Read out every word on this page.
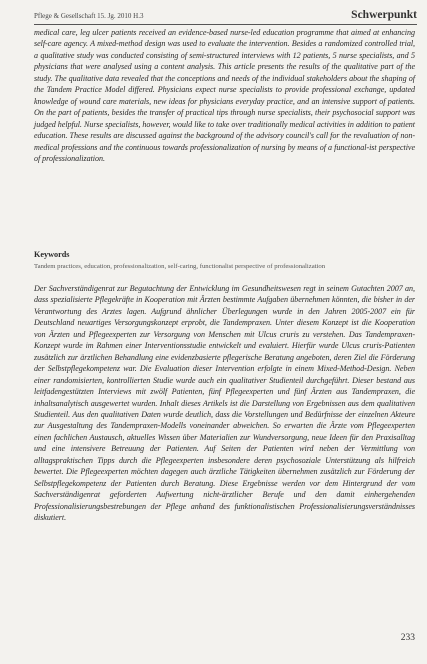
Pflege & Gesellschaft 15. Jg. 2010 H.3	Schwerpunkt
medical care, leg ulcer patients received an evidence-based nurse-led education programme that aimed at enhancing self-care agency. A mixed-method design was used to evaluate the intervention. Besides a randomized controlled trial, a qualitative study was conducted consisting of semi-structured interviews with 12 patients, 5 nurse specialists, and 5 physicians that were analysed using a content analysis. This article presents the results of the qualitative part of the study. The qualitative data revealed that the conceptions and needs of the individual stakeholders about the shaping of the Tandem Practice Model differed. Physicians expect nurse specialists to provide professional exchange, updated knowledge of wound care materials, new ideas for physicians everyday practice, and an intensive support of patients. On the part of patients, besides the transfer of practical tips through nurse specialists, their psychosocial support was judged helpful. Nurse specialists, however, would like to take over traditionally medical activities in addition to patient education. These results are discussed against the background of the advisory council's call for the revaluation of non-medical professions and the continuous towards professionalization of nursing by means of a functional-ist perspective of professionalization.
Keywords
Tandem practices, education, professionalization, self-caring, functionalist perspective of professionalization
Der Sachverständigenrat zur Begutachtung der Entwicklung im Gesundheitswesen regt in seinem Gutachten 2007 an, dass spezialisierte Pflegekräfte in Kooperation mit Ärzten bestimmte Aufgaben übernehmen könnten, die bisher in der Verantwortung des Arztes lagen. Aufgrund ähnlicher Überlegungen wurde in den Jahren 2005-2007 ein für Deutschland neuartiges Versorgungskonzept erprobt, die Tandempraxen. Unter diesem Konzept ist die Kooperation von Ärzten und Pflegeexperten zur Versorgung von Menschen mit Ulcus cruris zu verstehen. Das Tandempraxen-Konzept wurde im Rahmen einer Interventionsstudie entwickelt und evaluiert. Hierfür wurde Ulcus cruris-Patienten zusätzlich zur ärztlichen Behandlung eine evidenzbasierte pflegerische Beratung angeboten, deren Ziel die Förderung der Selbstpflegekompetenz war. Die Evaluation dieser Intervention erfolgte in einem Mixed-Method-Design. Neben einer randomisierten, kontrollierten Studie wurde auch ein qualitativer Studienteil durchgeführt. Dieser bestand aus leitfadengestützten Interviews mit zwölf Patienten, fünf Pflegeexperten und fünf Ärzten aus Tandempraxen, die inhaltsanalytisch ausgewertet wurden. Inhalt dieses Artikels ist die Darstellung von Ergebnissen aus dem qualitativen Studienteil. Aus den qualitativen Daten wurde deutlich, dass die Vorstellungen und Bedürfnisse der einzelnen Akteure zur Ausgestaltung des Tandempraxen-Modells voneinander abweichen. So erwarten die Ärzte vom Pflegeexperten einen fachlichen Austausch, aktuelles Wissen über Materialien zur Wundversorgung, neue Ideen für den Praxisalltag und eine intensivere Betreuung der Patienten. Auf Seiten der Patienten wird neben der Vermittlung von alltagspraktischen Tipps durch die Pflegeexperten insbesondere deren psychosoziale Unterstützung als hilfreich bewertet. Die Pflegeexperten möchten dagegen auch ärztliche Tätigkeiten übernehmen zusätzlich zur Förderung der Selbstpflegekompetenz der Patienten durch Beratung. Diese Ergebnisse werden vor dem Hintergrund der vom Sachverständigenrat geforderten Aufwertung nicht-ärztlicher Berufe und den damit einhergehenden Professionalisierungsbestrebungen der Pflege anhand des funktionalistischen Professionalisierungsverständnisses diskutiert.
233
